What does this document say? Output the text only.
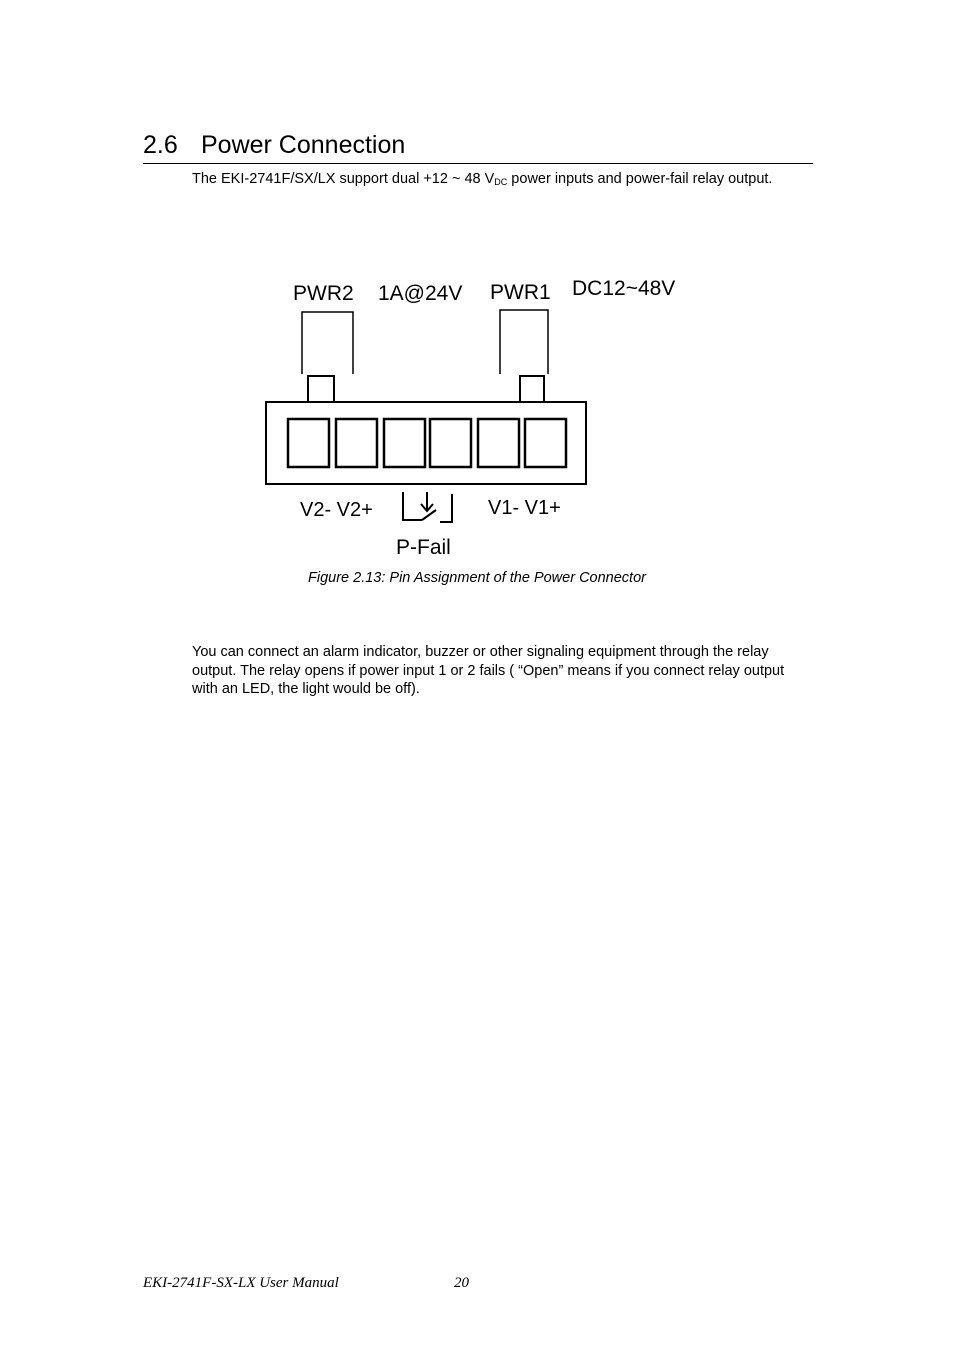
2.6 Power Connection

The EKI-2741F/SX/LX support dual +12 ~ 48 $V_{DC}$ power inputs and power-fail relay output.

PWR2 1A@24V PWR1 DC12~48V
V2- V2+	V1- V1+
P-Fail
Figure 2.13: Pin Assignment of the Power Connector

You can connect an alarm indicator, buzzer or other signaling equipment through the relay output. The relay opens if power input 1 or 2 fails ( “Open” means if you connect relay output with an LED, the light would be off).

EKI-2741F-SX-LX User Manual	20
